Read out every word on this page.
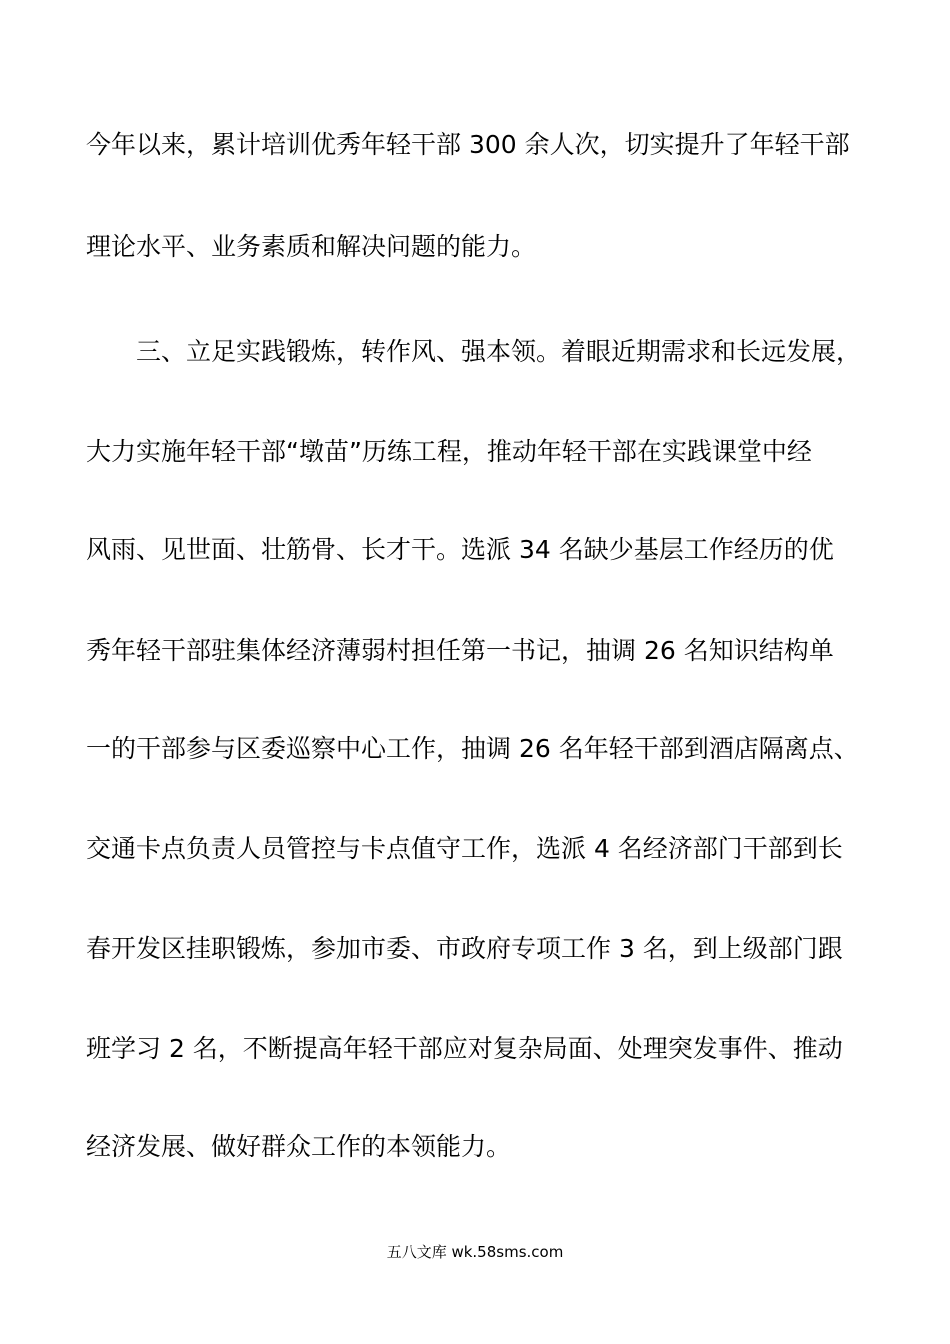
今年以来，累计培训优秀年轻干部 300 余人次，切实提升了年轻干部
理论水平、业务素质和解决问题的能力。
三、立足实践锻炼，转作风、强本领。着眼近期需求和长远发展，
大力实施年轻干部“墩苗”历练工程，推动年轻干部在实践课堂中经
风雨、见世面、壮筋骨、长才干。选派 34 名缺少基层工作经历的优
秀年轻干部驻集体经济薄弱村担任第一书记，抽调 26 名知识结构单
一的干部参与区委巡察中心工作，抽调 26 名年轻干部到酒店隔离点、
交通卡点负责人员管控与卡点值守工作，选派 4 名经济部门干部到长
春开发区挂职锻炼，参加市委、市政府专项工作 3 名，到上级部门跟
班学习 2 名，不断提高年轻干部应对复杂局面、处理突发事件、推动
经济发展、做好群众工作的本领能力。
五八文库 wk.58sms.com
